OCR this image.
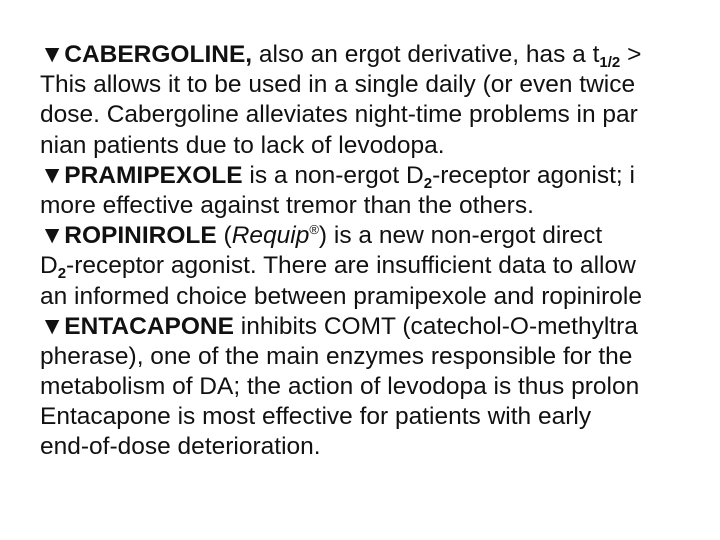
▼CABERGOLINE, also an ergot derivative, has a $t_{1/2}$ >
This allows it to be used in a single daily (or even twice
dose. Cabergoline alleviates night-time problems in par
nian patients due to lack of levodopa.
▼PRAMIPEXOLE is a non-ergot $D_2$-receptor agonist; i
more effective against tremor than the others.
▼ROPINIROLE (Requip®) is a new non-ergot direct
$D_2$-receptor agonist. There are insufficient data to allow
an informed choice between pramipexole and ropinirole
▼ENTACAPONE inhibits COMT (catechol-O-methyltra
pherase), one of the main enzymes responsible for the
metabolism of DA; the action of levodopa is thus prolon
Entacapone is most effective for patients with early
end-of-dose deterioration.
